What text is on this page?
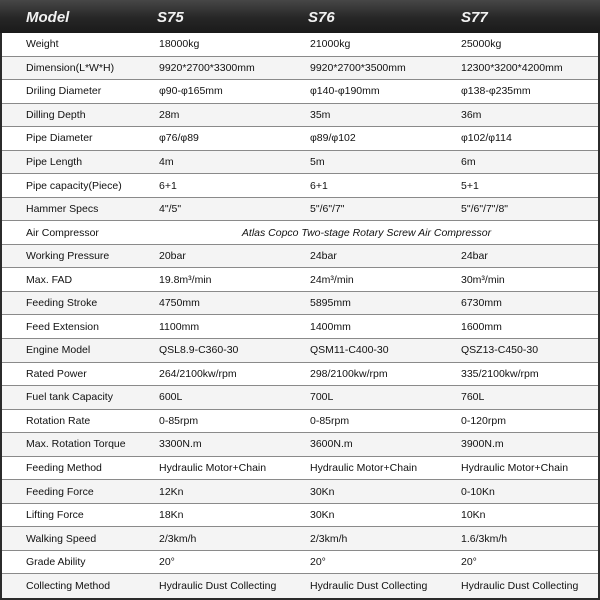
Model	S75	S76	S77
Weight	18000kg	21000kg	25000kg
Dimension(L*W*H)	9920*2700*3300mm	9920*2700*3500mm	12300*3200*4200mm
Driling Diameter	φ90-φ165mm	φ140-φ190mm	φ138-φ235mm
Dilling Depth	28m	35m	36m
Pipe Diameter	φ76/φ89	φ89/φ102	φ102/φ114
Pipe Length	4m	5m	6m
Pipe capacity(Piece)	6+1	6+1	5+1
Hammer Specs	4"/5"	5"/6"/7"	5"/6"/7"/8"
Air Compressor	Atlas Copco Two-stage Rotary Screw Air Compressor
Working Pressure	20bar	24bar	24bar
Max. FAD	19.8m³/min	24m³/min	30m³/min
Feeding Stroke	4750mm	5895mm	6730mm
Feed Extension	1100mm	1400mm	1600mm
Engine Model	QSL8.9-C360-30	QSM11-C400-30	QSZ13-C450-30
Rated Power	264/2100kw/rpm	298/2100kw/rpm	335/2100kw/rpm
Fuel tank Capacity	600L	700L	760L
Rotation Rate	0-85rpm	0-85rpm	0-120rpm
Max. Rotation Torque	3300N.m	3600N.m	3900N.m
Feeding Method	Hydraulic Motor+Chain	Hydraulic Motor+Chain	Hydraulic Motor+Chain
Feeding Force	12Kn	30Kn	0-10Kn
Lifting Force	18Kn	30Kn	10Kn
Walking Speed	2/3km/h	2/3km/h	1.6/3km/h
Grade Ability	20°	20°	20°
Collecting Method	Hydraulic Dust Collecting	Hydraulic Dust Collecting	Hydraulic Dust Collecting
